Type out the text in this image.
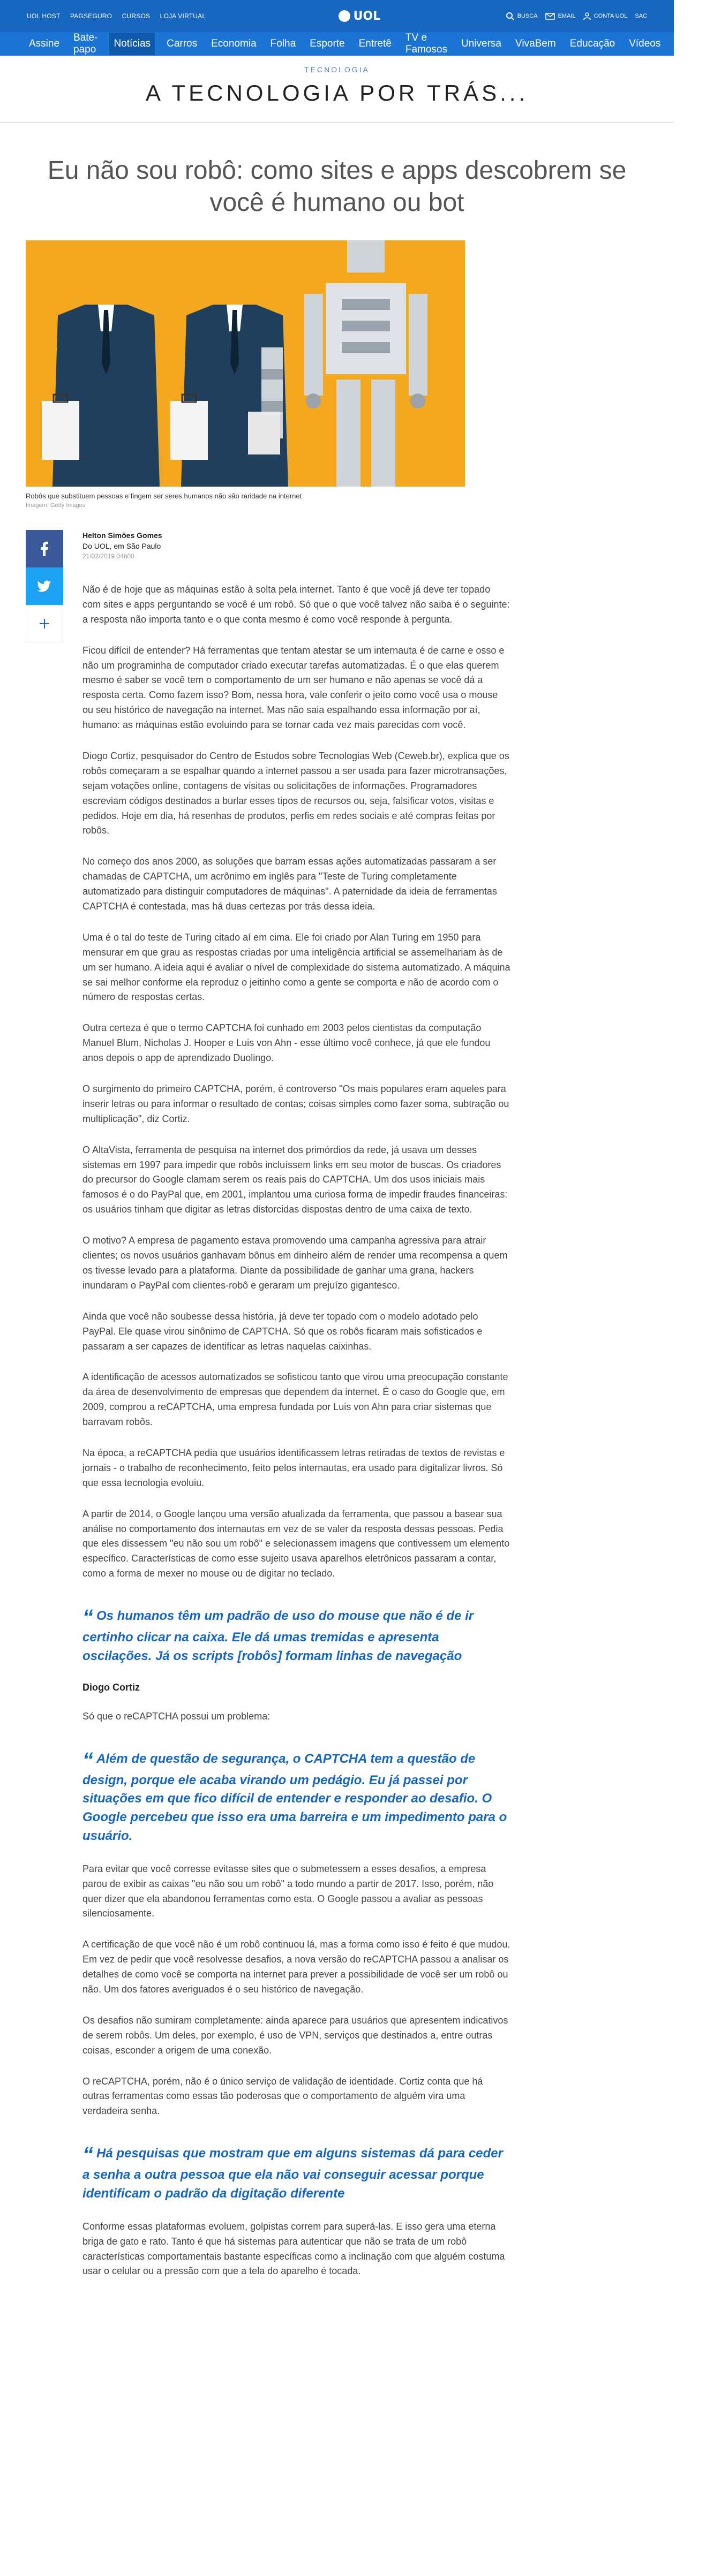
UOL HOST PAGSEGURO CURSOS LOJA VIRTUAL	UOL	BUSCA	EMAIL	CONTA UOL SAC
Assine
Bate-papo
Notícias	Carros Economia Folha Esporte Entretê
TV e Famosos
Universa VivaBem Educação Vídeos
+ canais
TECNOLOGIA
A TECNOLOGIA POR TRÁS...
Eu não sou robô: como sites e apps descobrem se você é humano ou bot
Robôs que substituem pessoas e fingem ser seres humanos não são raridade na internet
Imagem: Getty Images
Helton Simões Gomes
Do UOL, em São Paulo
21/02/2019 04h00

Não é de hoje que as máquinas estão à solta pela internet. Tanto é que você já deve ter topado com sites e apps perguntando se você é um robô. Só que o que você talvez não saiba é o seguinte: a resposta não importa tanto e o que conta mesmo é como você responde à pergunta.

Ficou difícil de entender? Há ferramentas que tentam atestar se um internauta é de carne e osso e não um programinha de computador criado executar tarefas automatizadas. É o que elas querem mesmo é saber se você tem o comportamento de um ser humano e não apenas se você dá a resposta certa. Como fazem isso? Bom, nessa hora, vale conferir o jeito como você usa o mouse ou seu histórico de navegação na internet. Mas não saia espalhando essa informação por aí, humano: as máquinas estão evoluindo para se tornar cada vez mais parecidas com você.

Diogo Cortiz, pesquisador do Centro de Estudos sobre Tecnologias Web (Ceweb.br), explica que os robôs começaram a se espalhar quando a internet passou a ser usada para fazer microtransações, sejam votações online, contagens de visitas ou solicitações de informações. Programadores escreviam códigos destinados a burlar esses tipos de recursos ou, seja, falsificar votos, visitas e pedidos. Hoje em dia, há resenhas de produtos, perfis em redes sociais e até compras feitas por robôs.

No começo dos anos 2000, as soluções que barram essas ações automatizadas passaram a ser chamadas de CAPTCHA, um acrônimo em inglês para "Teste de Turing completamente automatizado para distinguir computadores de máquinas". A paternidade da ideia de ferramentas CAPTCHA é contestada, mas há duas certezas por trás dessa ideia.

Uma é o tal do teste de Turing citado aí em cima. Ele foi criado por Alan Turing em 1950 para mensurar em que grau as respostas criadas por uma inteligência artificial se assemelhariam às de um ser humano. A ideia aqui é avaliar o nível de complexidade do sistema automatizado. A máquina se sai melhor conforme ela reproduz o jeitinho como a gente se comporta e não de acordo com o número de respostas certas.

Outra certeza é que o termo CAPTCHA foi cunhado em 2003 pelos cientistas da computação Manuel Blum, Nicholas J. Hooper e Luis von Ahn - esse último você conhece, já que ele fundou anos depois o app de aprendizado Duolingo.

O surgimento do primeiro CAPTCHA, porém, é controverso "Os mais populares eram aqueles para inserir letras ou para informar o resultado de contas; coisas simples como fazer soma, subtração ou multiplicação", diz Cortiz.

O AltaVista, ferramenta de pesquisa na internet dos primórdios da rede, já usava um desses sistemas em 1997 para impedir que robôs incluíssem links em seu motor de buscas. Os criadores do precursor do Google clamam serem os reais pais do CAPTCHA. Um dos usos iniciais mais famosos é o do PayPal que, em 2001, implantou uma curiosa forma de impedir fraudes financeiras: os usuários tinham que digitar as letras distorcidas dispostas dentro de uma caixa de texto.

O motivo? A empresa de pagamento estava promovendo uma campanha agressiva para atrair clientes; os novos usuários ganhavam bônus em dinheiro além de render uma recompensa a quem os tivesse levado para a plataforma. Diante da possibilidade de ganhar uma grana, hackers inundaram o PayPal com clientes-robô e geraram um prejuízo gigantesco.

Ainda que você não soubesse dessa história, já deve ter topado com o modelo adotado pelo PayPal. Ele quase virou sinônimo de CAPTCHA. Só que os robôs ficaram mais sofisticados e passaram a ser capazes de identificar as letras naquelas caixinhas.

A identificação de acessos automatizados se sofisticou tanto que virou uma preocupação constante da área de desenvolvimento de empresas que dependem da internet. É o caso do Google que, em 2009, comprou a reCAPTCHA, uma empresa fundada por Luis von Ahn para criar sistemas que barravam robôs.

Na época, a reCAPTCHA pedia que usuários identificassem letras retiradas de textos de revistas e jornais - o trabalho de reconhecimento, feito pelos internautas, era usado para digitalizar livros. Só que essa tecnologia evoluiu.

A partir de 2014, o Google lançou uma versão atualizada da ferramenta, que passou a basear sua análise no comportamento dos internautas em vez de se valer da resposta dessas pessoas. Pedia que eles dissessem "eu não sou um robô" e selecionassem imagens que contivessem um elemento específico. Características de como esse sujeito usava aparelhos eletrônicos passaram a contar, como a forma de mexer no mouse ou de digitar no teclado.

“ Os humanos têm um padrão de uso do mouse que não é de ir certinho clicar na caixa. Ele dá umas tremidas e apresenta oscilações. Já os scripts [robôs] formam linhas de navegação
Diogo Cortiz

Só que o reCAPTCHA possui um problema:

“ Além de questão de segurança, o CAPTCHA tem a questão de design, porque ele acaba virando um pedágio. Eu já passei por situações em que fico difícil de entender e responder ao desafio. O Google percebeu que isso era uma barreira e um impedimento para o usuário.

Para evitar que você corresse evitasse sites que o submetessem a esses desafios, a empresa parou de exibir as caixas "eu não sou um robô" a todo mundo a partir de 2017. Isso, porém, não quer dizer que ela abandonou ferramentas como esta. O Google passou a avaliar as pessoas silenciosamente.

A certificação de que você não é um robô continuou lá, mas a forma como isso é feito é que mudou. Em vez de pedir que você resolvesse desafios, a nova versão do reCAPTCHA passou a analisar os detalhes de como você se comporta na internet para prever a possibilidade de você ser um robô ou não. Um dos fatores averiguados é o seu histórico de navegação.

Os desafios não sumiram completamente: ainda aparece para usuários que apresentem indicativos de serem robôs. Um deles, por exemplo, é uso de VPN, serviços que destinados a, entre outras coisas, esconder a origem de uma conexão.

O reCAPTCHA, porém, não é o único serviço de validação de identidade. Cortiz conta que há outras ferramentas como essas tão poderosas que o comportamento de alguém vira uma verdadeira senha.

“ Há pesquisas que mostram que em alguns sistemas dá para ceder a senha a outra pessoa que ela não vai conseguir acessar porque identificam o padrão da digitação diferente

Conforme essas plataformas evoluem, golpistas correm para superá-las. E isso gera uma eterna briga de gato e rato. Tanto é que há sistemas para autenticar que não se trata de um robô características comportamentais bastante específicas como a inclinação com que alguém costuma usar o celular ou a pressão com que a tela do aparelho é tocada.
